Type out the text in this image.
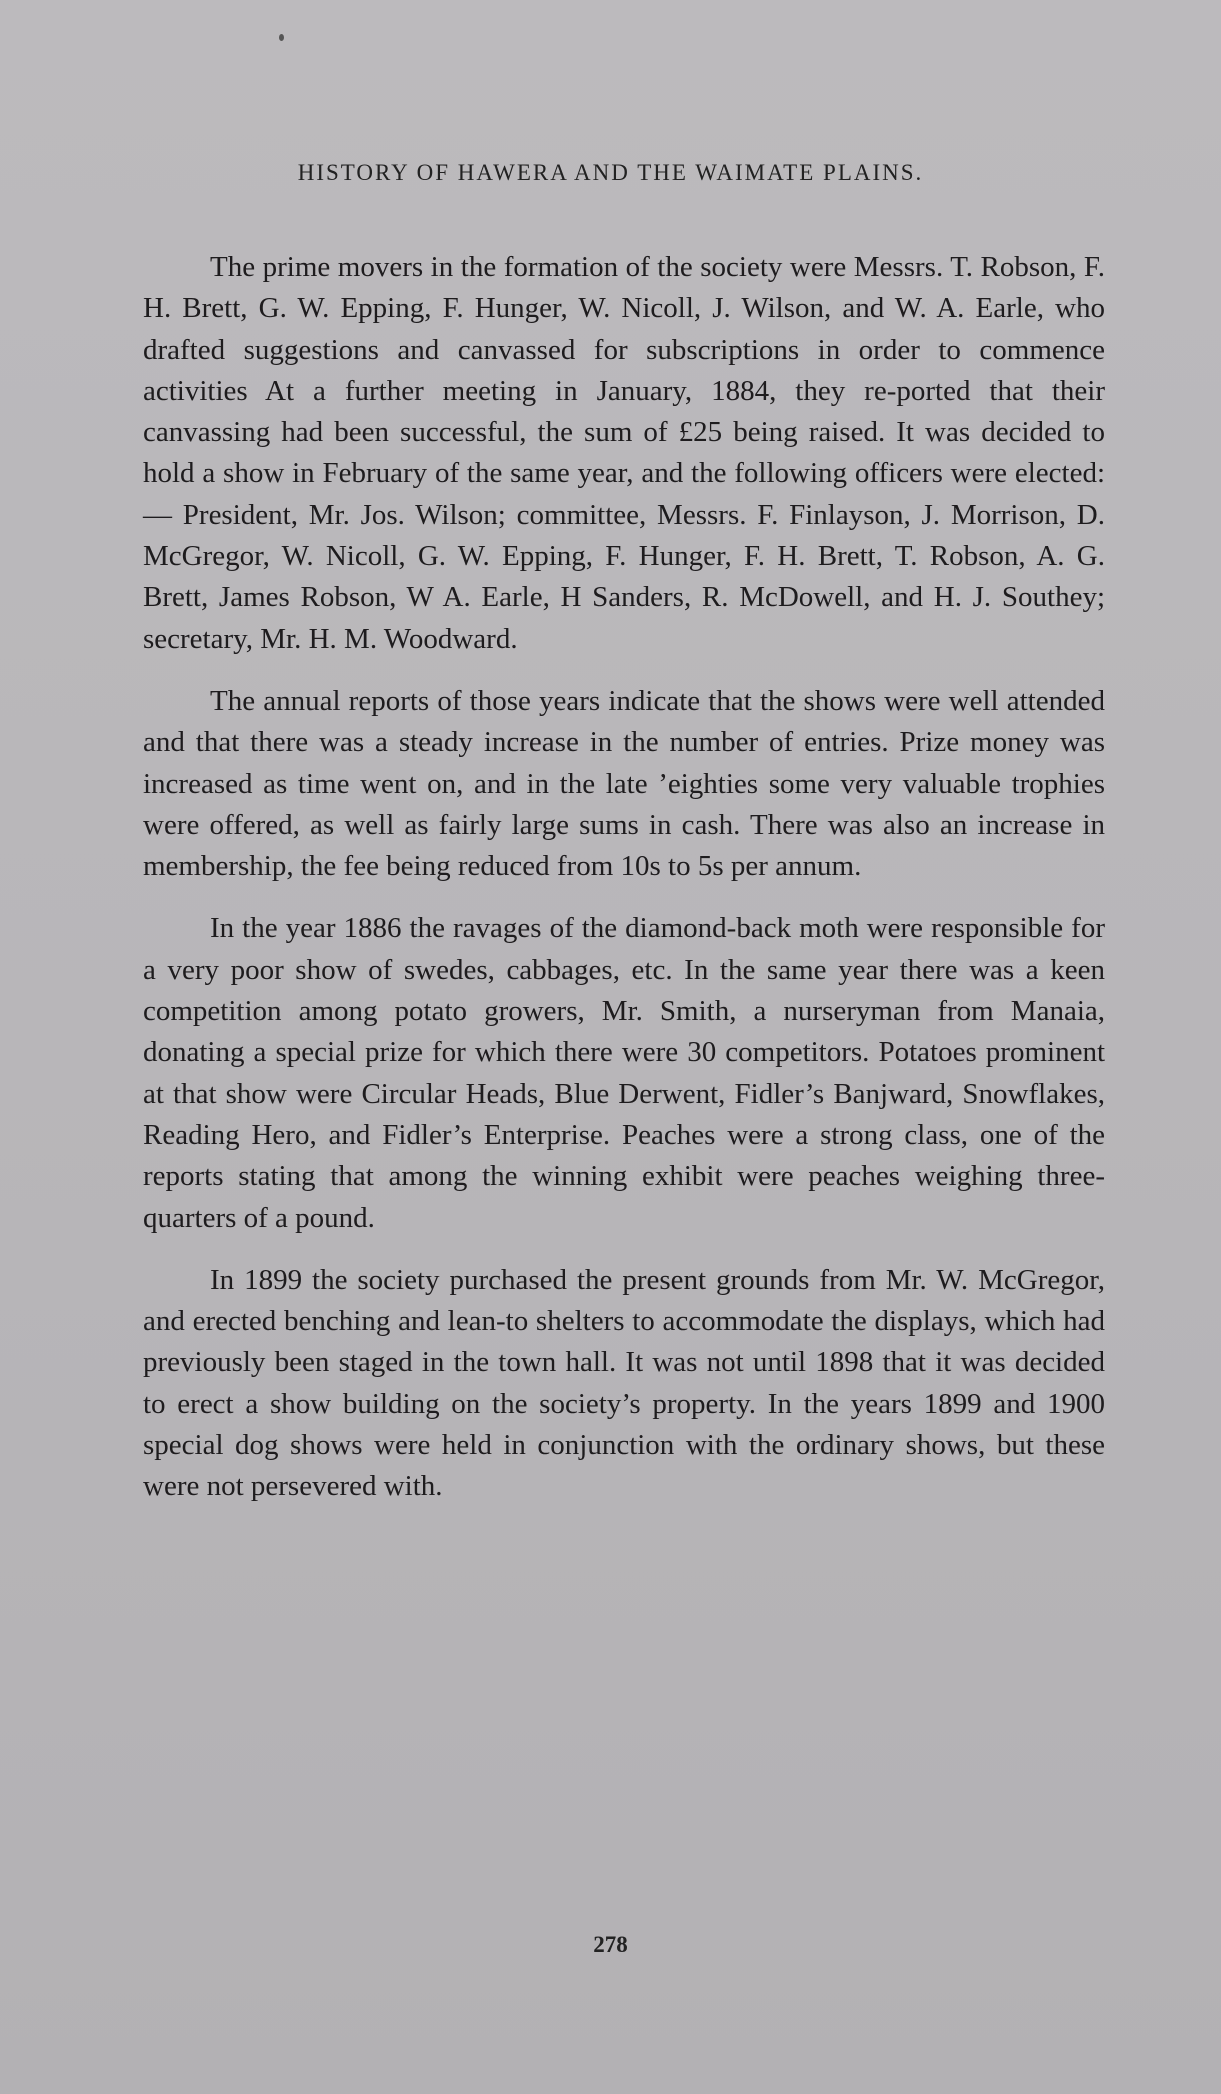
HISTORY OF HAWERA AND THE WAIMATE PLAINS.

The prime movers in the formation of the society were Messrs. T. Robson, F. H. Brett, G. W. Epping, F. Hunger, W. Nicoll, J. Wilson, and W. A. Earle, who drafted suggestions and canvassed for subscriptions in order to commence activities At a further meeting in January, 1884, they re-ported that their canvassing had been successful, the sum of £25 being raised. It was decided to hold a show in February of the same year, and the following officers were elected:— President, Mr. Jos. Wilson; committee, Messrs. F. Finlayson, J. Morrison, D. McGregor, W. Nicoll, G. W. Epping, F. Hunger, F. H. Brett, T. Robson, A. G. Brett, James Robson, W A. Earle, H Sanders, R. McDowell, and H. J. Southey; secretary, Mr. H. M. Woodward.

The annual reports of those years indicate that the shows were well attended and that there was a steady increase in the number of entries. Prize money was increased as time went on, and in the late ’eighties some very valuable trophies were offered, as well as fairly large sums in cash. There was also an increase in membership, the fee being reduced from 10s to 5s per annum.

In the year 1886 the ravages of the diamond-back moth were responsible for a very poor show of swedes, cabbages, etc. In the same year there was a keen competition among potato growers, Mr. Smith, a nurseryman from Manaia, donating a special prize for which there were 30 competitors. Potatoes prominent at that show were Circular Heads, Blue Derwent, Fidler’s Banjward, Snowflakes, Reading Hero, and Fidler’s Enterprise. Peaches were a strong class, one of the reports stating that among the winning exhibit were peaches weighing three-quarters of a pound.

In 1899 the society purchased the present grounds from Mr. W. McGregor, and erected benching and lean-to shelters to accommodate the displays, which had previously been staged in the town hall. It was not until 1898 that it was decided to erect a show building on the society’s property. In the years 1899 and 1900 special dog shows were held in conjunction with the ordinary shows, but these were not persevered with.

278
